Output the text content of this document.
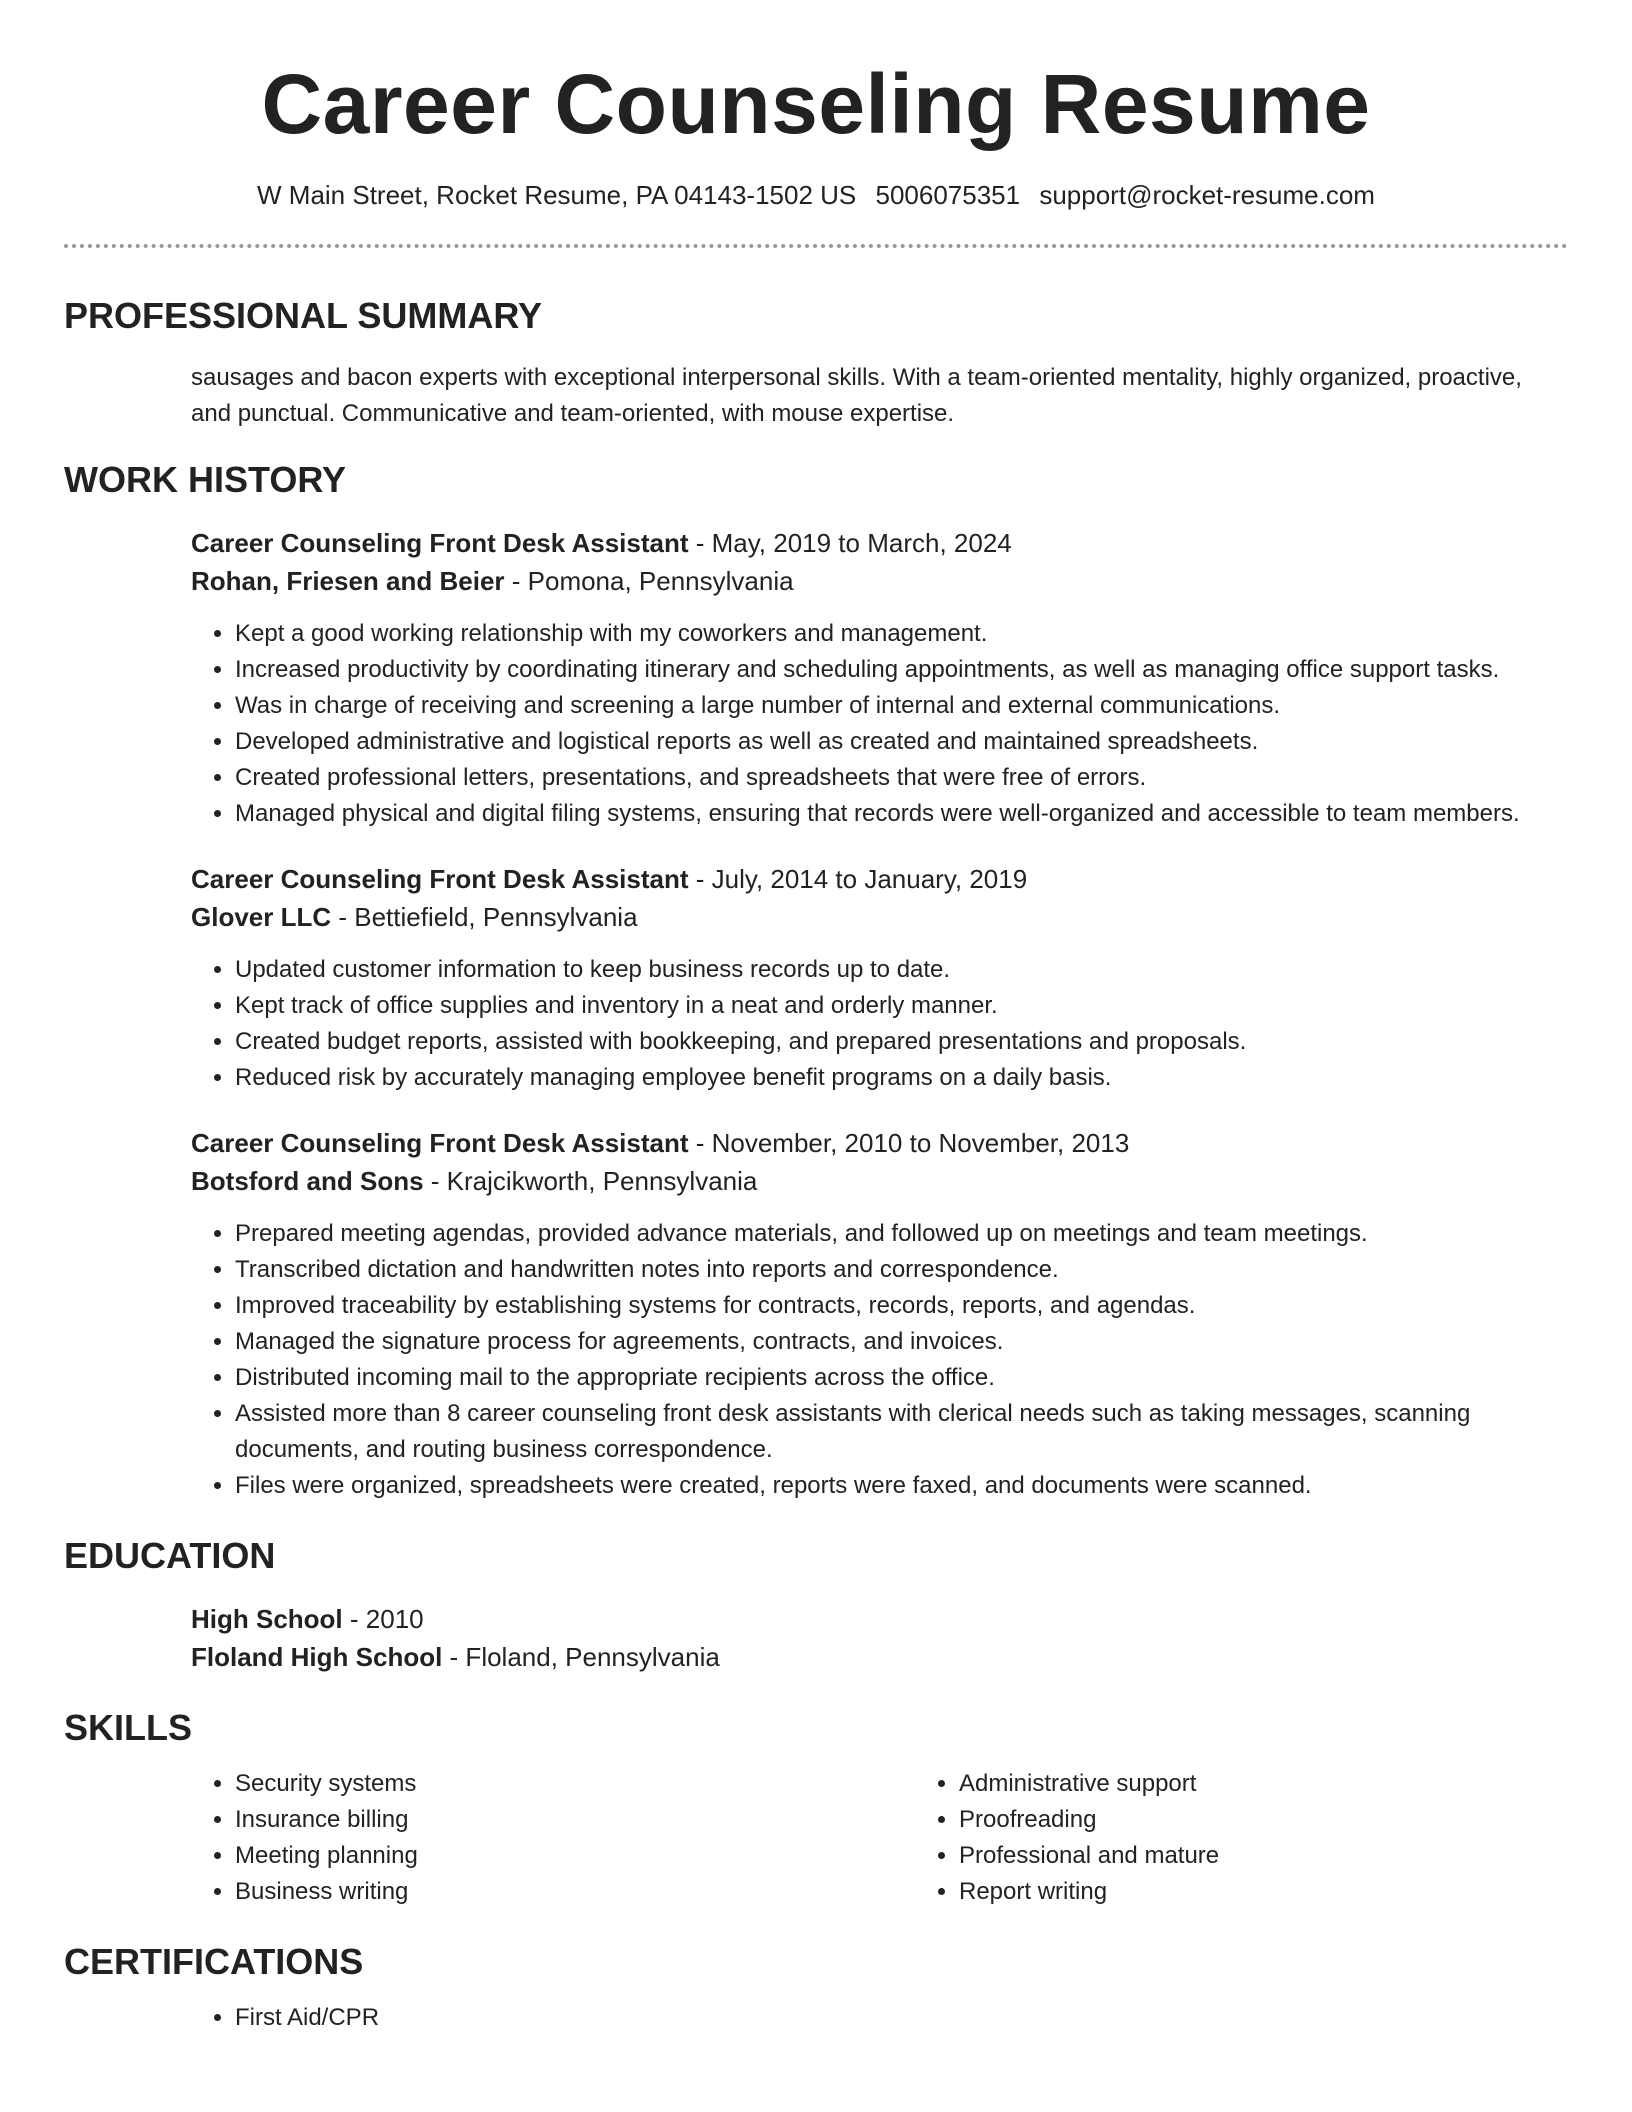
Career Counseling Resume
W Main Street, Rocket Resume, PA 04143-1502 US 5006075351 support@rocket-resume.com
PROFESSIONAL SUMMARY
sausages and bacon experts with exceptional interpersonal skills. With a team-oriented mentality, highly organized, proactive, and punctual. Communicative and team-oriented, with mouse expertise.
WORK HISTORY
Career Counseling Front Desk Assistant - May, 2019 to March, 2024
Rohan, Friesen and Beier - Pomona, Pennsylvania
• Kept a good working relationship with my coworkers and management.
• Increased productivity by coordinating itinerary and scheduling appointments, as well as managing office support tasks.
• Was in charge of receiving and screening a large number of internal and external communications.
• Developed administrative and logistical reports as well as created and maintained spreadsheets.
• Created professional letters, presentations, and spreadsheets that were free of errors.
• Managed physical and digital filing systems, ensuring that records were well-organized and accessible to team members.
Career Counseling Front Desk Assistant - July, 2014 to January, 2019
Glover LLC - Bettiefield, Pennsylvania
• Updated customer information to keep business records up to date.
• Kept track of office supplies and inventory in a neat and orderly manner.
• Created budget reports, assisted with bookkeeping, and prepared presentations and proposals.
• Reduced risk by accurately managing employee benefit programs on a daily basis.
Career Counseling Front Desk Assistant - November, 2010 to November, 2013
Botsford and Sons - Krajcikworth, Pennsylvania
• Prepared meeting agendas, provided advance materials, and followed up on meetings and team meetings.
• Transcribed dictation and handwritten notes into reports and correspondence.
• Improved traceability by establishing systems for contracts, records, reports, and agendas.
• Managed the signature process for agreements, contracts, and invoices.
• Distributed incoming mail to the appropriate recipients across the office.
• Assisted more than 8 career counseling front desk assistants with clerical needs such as taking messages, scanning documents, and routing business correspondence.
• Files were organized, spreadsheets were created, reports were faxed, and documents were scanned.
EDUCATION
High School - 2010
Floland High School - Floland, Pennsylvania
SKILLS
• Security systems
• Insurance billing
• Meeting planning
• Business writing
• Administrative support
• Proofreading
• Professional and mature
• Report writing
CERTIFICATIONS
• First Aid/CPR
